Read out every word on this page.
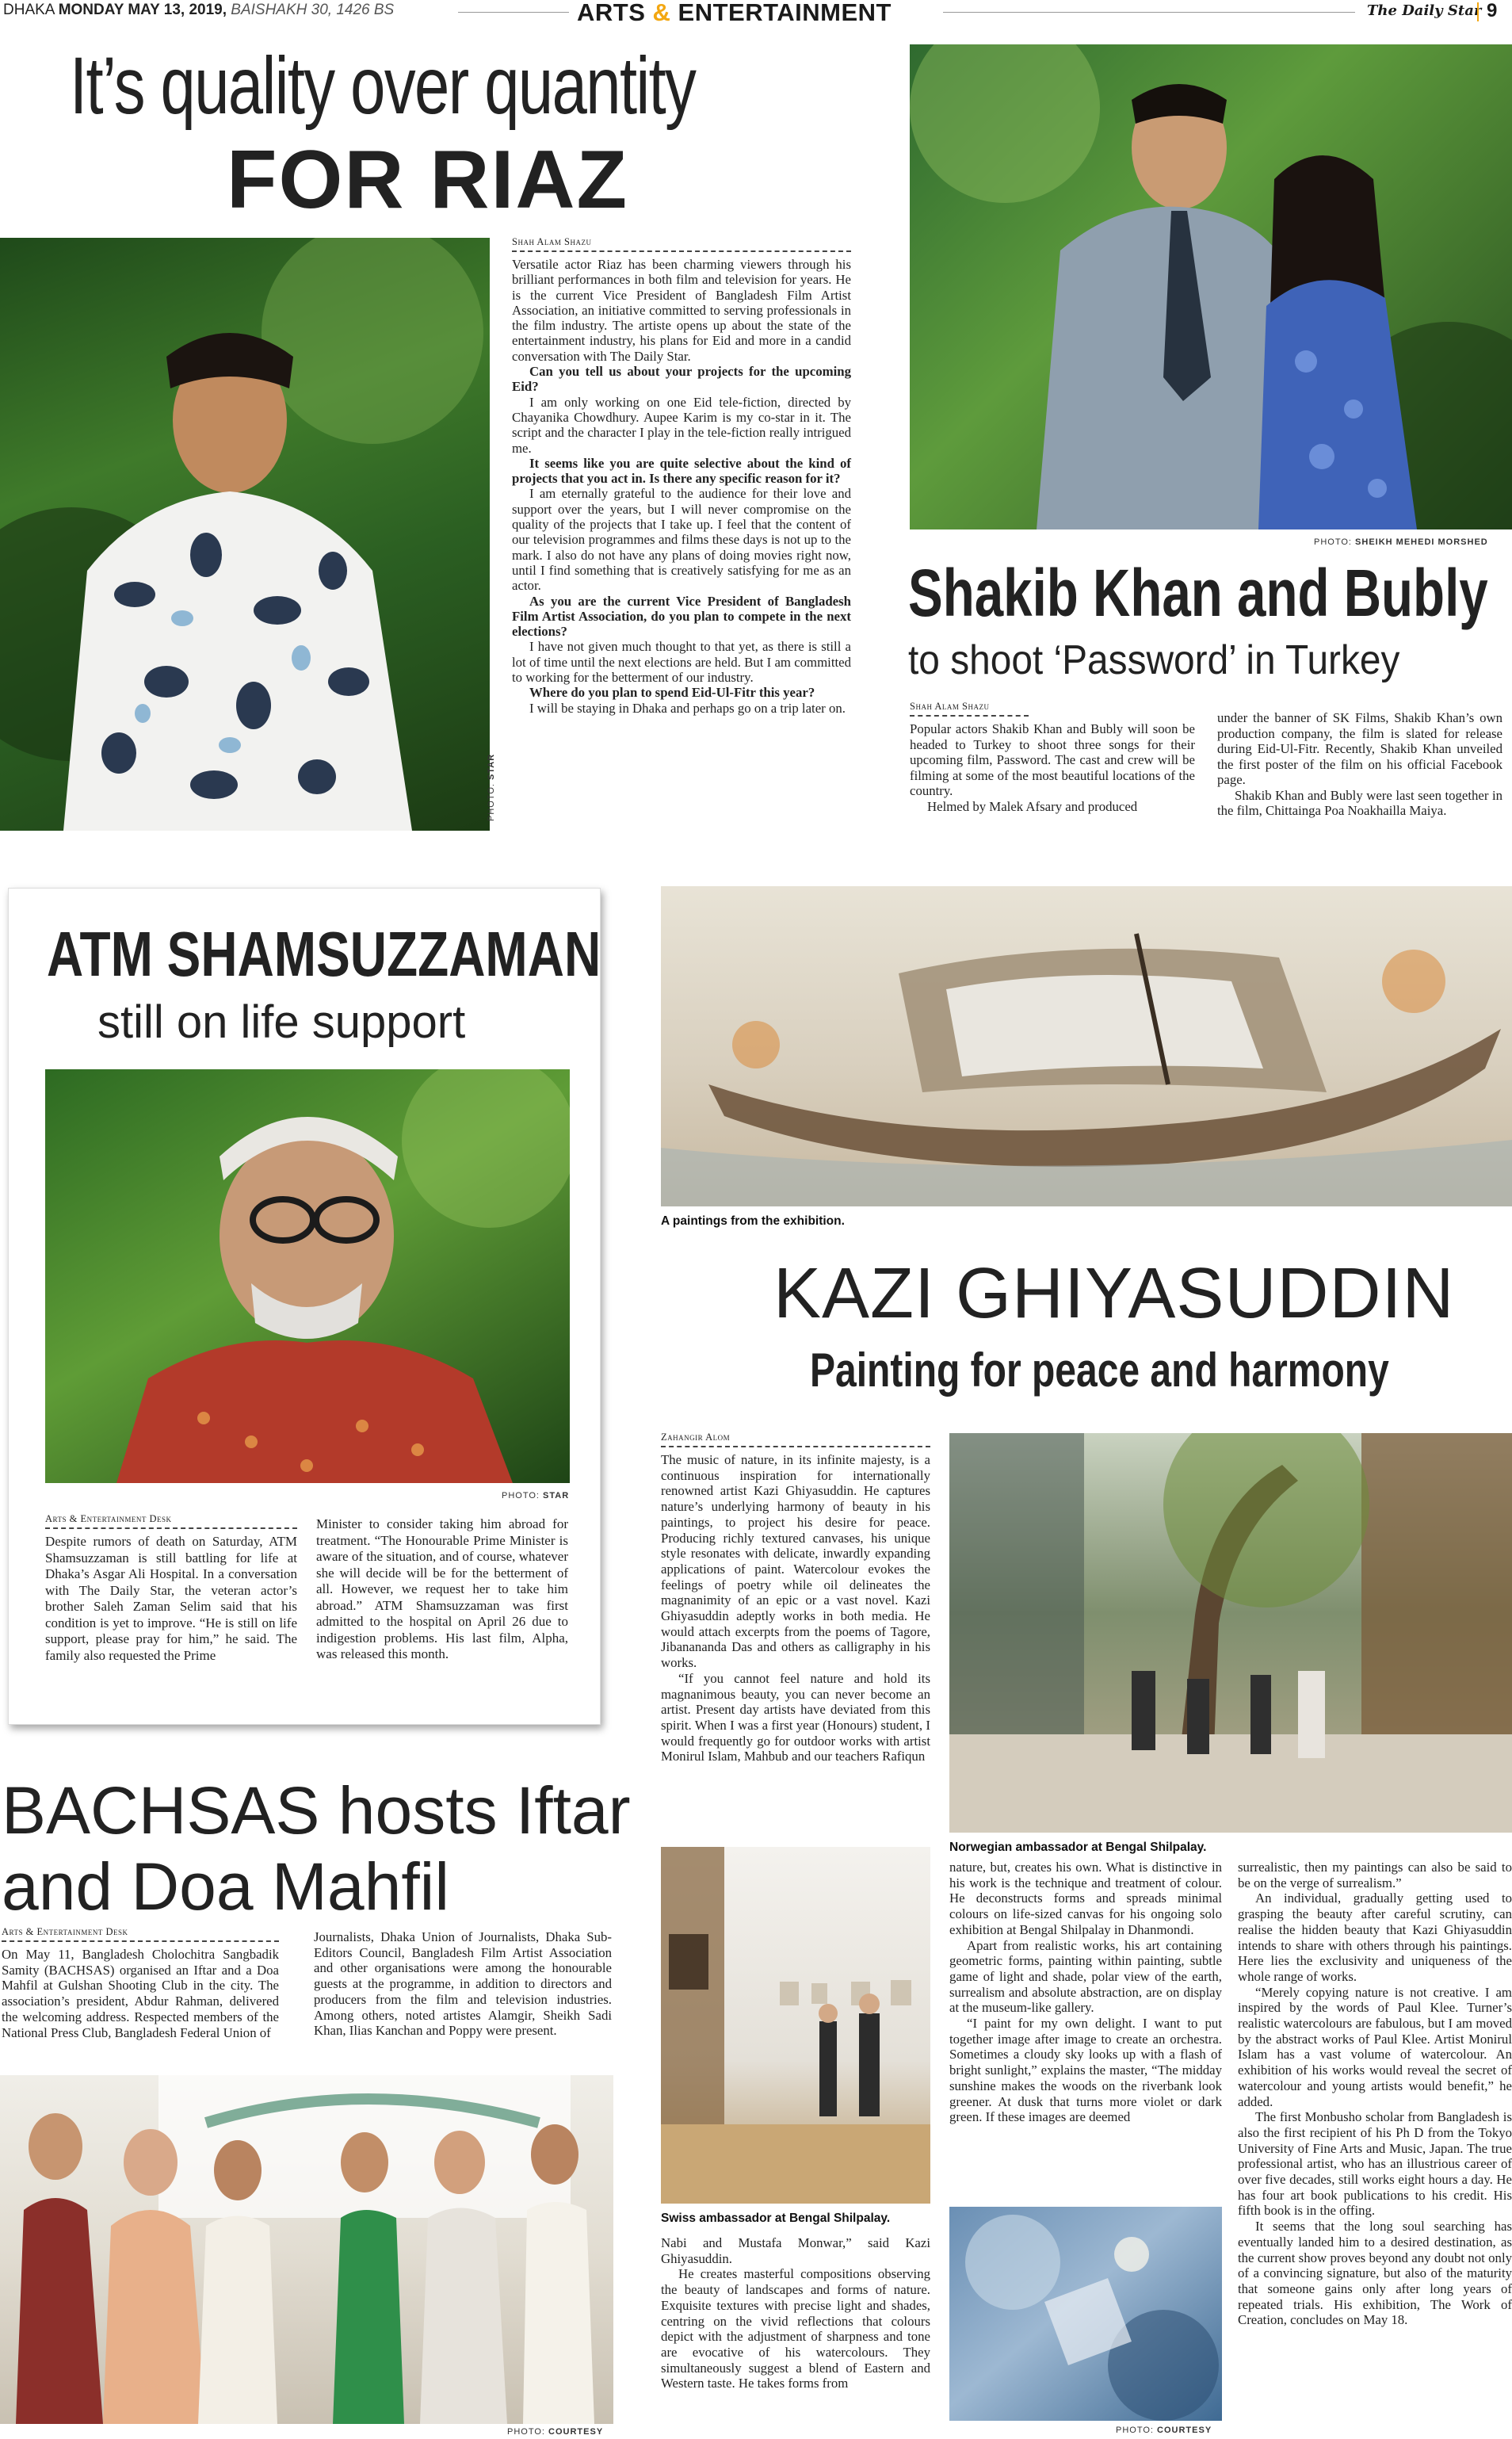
DHAKA MONDAY MAY 13, 2019, BAISHAKH 30, 1426 BS	ARTS & ENTERTAINMENT	The Daily Star 9
It’s quality over quantity
FOR RIAZ
PHOTO: STAR
Shah Alam Shazu

Versatile actor Riaz has been charming viewers through his brilliant performances in both film and television for years. He is the current Vice President of Bangladesh Film Artist Association, an initiative committed to serving professionals in the film industry. The artiste opens up about the state of the entertainment industry, his plans for Eid and more in a candid conversation with The Daily Star.

Can you tell us about your projects for the upcoming Eid?

I am only working on one Eid tele-fiction, directed by Chayanika Chowdhury. Aupee Karim is my co-star in it. The script and the character I play in the tele-fiction really intrigued me.

It seems like you are quite selective about the kind of projects that you act in. Is there any specific reason for it?

I am eternally grateful to the audience for their love and support over the years, but I will never compromise on the quality of the projects that I take up. I feel that the content of our television programmes and films these days is not up to the mark. I also do not have any plans of doing movies right now, until I find something that is creatively satisfying for me as an actor.

As you are the current Vice President of Bangladesh Film Artist Association, do you plan to compete in the next elections?

I have not given much thought to that yet, as there is still a lot of time until the next elections are held. But I am committed to working for the betterment of our industry.

Where do you plan to spend Eid-Ul-Fitr this year?

I will be staying in Dhaka and perhaps go on a trip later on.

PHOTO: SHEIKH MEHEDI MORSHED
Shakib Khan and Bubly
to shoot ‘Password’ in Turkey
Shah Alam Shazu

Popular actors Shakib Khan and Bubly will soon be headed to Turkey to shoot three songs for their upcoming film, Password. The cast and crew will be filming at some of the most beautiful locations of the country.

Helmed by Malek Afsary and produced

under the banner of SK Films, Shakib Khan’s own production company, the film is slated for release during Eid-Ul-Fitr. Recently, Shakib Khan unveiled the first poster of the film on his official Facebook page.

Shakib Khan and Bubly were last seen together in the film, Chittainga Poa Noakhailla Maiya.

ATM SHAMSUZZAMAN
still on life support
PHOTO: STAR
Arts & Entertainment Desk
Despite rumors of death on Saturday, ATM Shamsuzzaman is still battling for life at Dhaka’s Asgar Ali Hospital. In a conversation with The Daily Star, the veteran actor’s brother Saleh Zaman Selim said that his condition is yet to improve. “He is still on life support, please pray for him,” he said. The family also requested the Prime
Minister to consider taking him abroad for treatment. “The Honourable Prime Minister is aware of the situation, and of course, whatever she will decide will be for the betterment of all. However, we request her to take him abroad.” ATM Shamsuzzaman was first admitted to the hospital on April 26 due to indigestion problems. His last film, Alpha, was released this month.
A paintings from the exhibition.
KAZI GHIYASUDDIN
Painting for peace and harmony
Zahangir Alom

The music of nature, in its infinite majesty, is a continuous inspiration for internationally renowned artist Kazi Ghiyasuddin. He captures nature’s underlying harmony of beauty in his paintings, to project his desire for peace. Producing richly textured canvases, his unique style resonates with delicate, inwardly expanding applications of paint. Watercolour evokes the feelings of poetry while oil delineates the magnanimity of an epic or a vast novel. Kazi Ghiyasuddin adeptly works in both media. He would attach excerpts from the poems of Tagore, Jibanananda Das and others as calligraphy in his works.

“If you cannot feel nature and hold its magnanimous beauty, you can never become an artist. Present day artists have deviated from this spirit. When I was a first year (Honours) student, I would frequently go for outdoor works with artist Monirul Islam, Mahbub and our teachers Rafiqun

Norwegian ambassador at Bengal Shilpalay.
Swiss ambassador at Bengal Shilpalay.

Nabi and Mustafa Monwar,” said Kazi Ghiyasuddin.

He creates masterful compositions observing the beauty of landscapes and forms of nature. Exquisite textures with precise light and shades, centring on the vivid reflections that colours depict with the adjustment of sharpness and tone are evocative of his watercolours. They simultaneously suggest a blend of Eastern and Western taste. He takes forms from

nature, but, creates his own. What is distinctive in his work is the technique and treatment of colour. He deconstructs forms and spreads minimal colours on life-sized canvas for his ongoing solo exhibition at Bengal Shilpalay in Dhanmondi.

Apart from realistic works, his art containing geometric forms, painting within painting, subtle game of light and shade, polar view of the earth, surrealism and absolute abstraction, are on display at the museum-like gallery.

“I paint for my own delight. I want to put together image after image to create an orchestra. Sometimes a cloudy sky looks up with a flash of bright sunlight,” explains the master, “The midday sunshine makes the woods on the riverbank look greener. At dusk that turns more violet or dark green. If these images are deemed

PHOTO: COURTESY

surrealistic, then my paintings can also be said to be on the verge of surrealism.”

An individual, gradually getting used to grasping the beauty after careful scrutiny, can realise the hidden beauty that Kazi Ghiyasuddin intends to share with others through his paintings. Here lies the exclusivity and uniqueness of the whole range of works.

“Merely copying nature is not creative. I am inspired by the words of Paul Klee. Turner’s realistic watercolours are fabulous, but I am moved by the abstract works of Paul Klee. Artist Monirul Islam has a vast volume of watercolour. An exhibition of his works would reveal the secret of watercolour and young artists would benefit,” he added.

The first Monbusho scholar from Bangladesh is also the first recipient of his Ph D from the Tokyo University of Fine Arts and Music, Japan. The true professional artist, who has an illustrious career of over five decades, still works eight hours a day. He has four art book publications to his credit. His fifth book is in the offing.

It seems that the long soul searching has eventually landed him to a desired destination, as the current show proves beyond any doubt not only of a convincing signature, but also of the maturity that someone gains only after long years of repeated trials. His exhibition, The Work of Creation, concludes on May 18.

BACHSAS hosts Iftar
and Doa Mahfil
Arts & Entertainment Desk
On May 11, Bangladesh Cholochitra Sangbadik Samity (BACHSAS) organised an Iftar and a Doa Mahfil at Gulshan Shooting Club in the city. The association’s president, Abdur Rahman, delivered the welcoming address. Respected members of the National Press Club, Bangladesh Federal Union of
Journalists, Dhaka Union of Journalists, Dhaka Sub-Editors Council, Bangladesh Film Artist Association and other organisations were among the honourable guests at the programme, in addition to directors and producers from the film and television industries. Among others, noted artistes Alamgir, Sheikh Sadi Khan, Ilias Kanchan and Poppy were present.
PHOTO: COURTESY
